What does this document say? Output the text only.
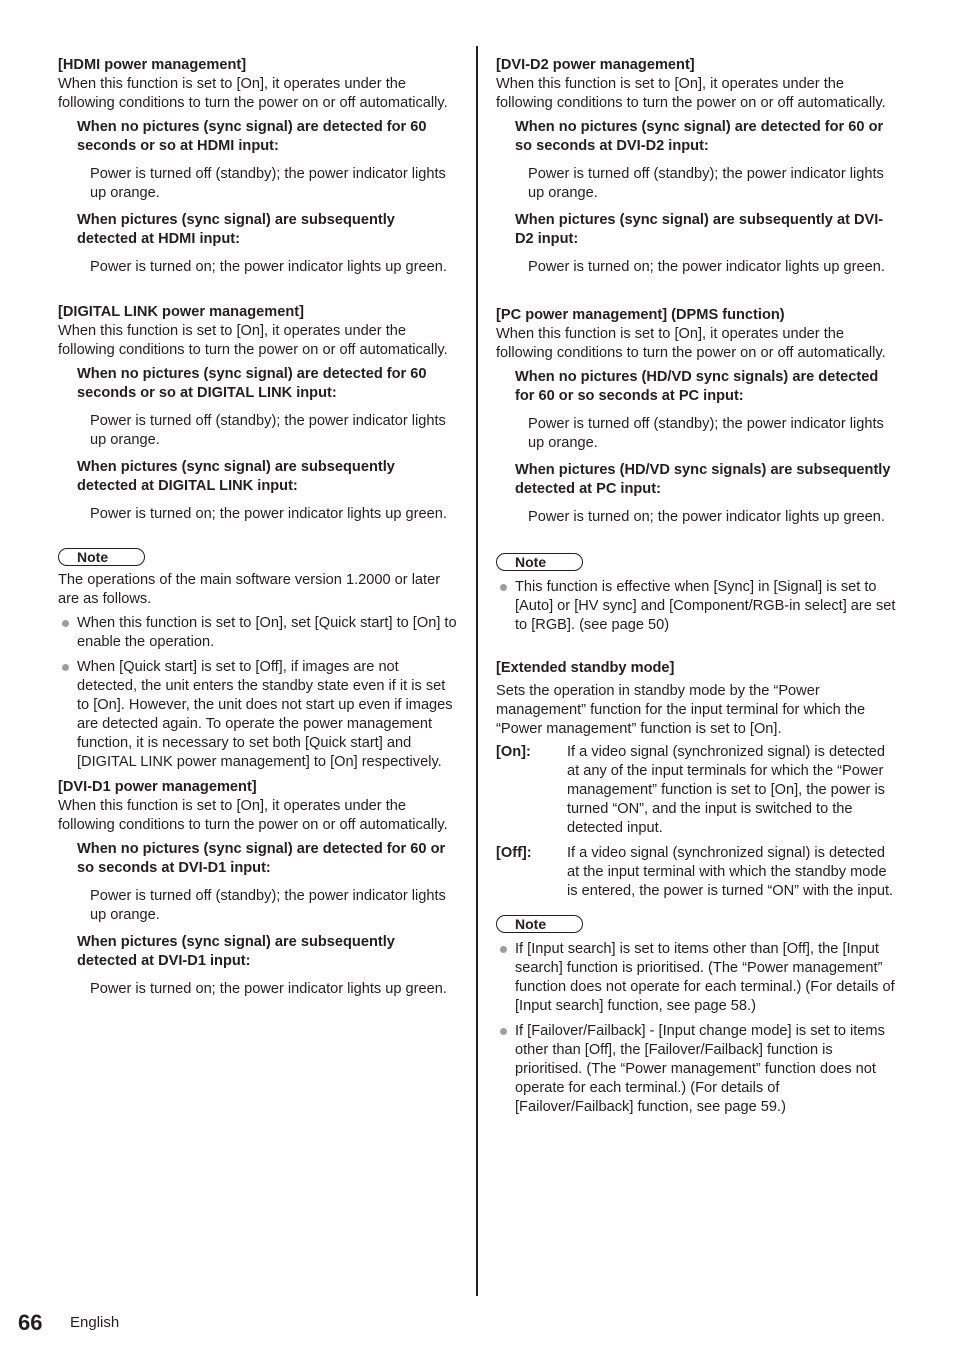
[HDMI power management]

When this function is set to [On], it operates under the following conditions to turn the power on or off automatically.

When no pictures (sync signal) are detected for 60 seconds or so at HDMI input:

Power is turned off (standby); the power indicator lights up orange.

When pictures (sync signal) are subsequently detected at HDMI input:

Power is turned on; the power indicator lights up green.

[DIGITAL LINK power management]

When this function is set to [On], it operates under the following conditions to turn the power on or off automatically.

When no pictures (sync signal) are detected for 60 seconds or so at DIGITAL LINK input:

Power is turned off (standby); the power indicator lights up orange.

When pictures (sync signal) are subsequently detected at DIGITAL LINK input:

Power is turned on; the power indicator lights up green.

Note

The operations of the main software version 1.2000 or later are as follows.

When this function is set to [On], set [Quick start] to [On] to enable the operation.
When [Quick start] is set to [Off], if images are not detected, the unit enters the standby state even if it is set to [On]. However, the unit does not start up even if images are detected again. To operate the power management function, it is necessary to set both [Quick start] and [DIGITAL LINK power management] to [On] respectively.

[DVI-D1 power management]

When this function is set to [On], it operates under the following conditions to turn the power on or off automatically.

When no pictures (sync signal) are detected for 60 or so seconds at DVI-D1 input:

Power is turned off (standby); the power indicator lights up orange.

When pictures (sync signal) are subsequently detected at DVI-D1 input:

Power is turned on; the power indicator lights up green.

[DVI-D2 power management]

When this function is set to [On], it operates under the following conditions to turn the power on or off automatically.

When no pictures (sync signal) are detected for 60 or so seconds at DVI-D2 input:

Power is turned off (standby); the power indicator lights up orange.

When pictures (sync signal) are subsequently at DVI-D2 input:

Power is turned on; the power indicator lights up green.

[PC power management] (DPMS function)

When this function is set to [On], it operates under the following conditions to turn the power on or off automatically.

When no pictures (HD/VD sync signals) are detected for 60 or so seconds at PC input:

Power is turned off (standby); the power indicator lights up orange.

When pictures (HD/VD sync signals) are subsequently detected at PC input:

Power is turned on; the power indicator lights up green.

Note
This function is effective when [Sync] in [Signal] is set to [Auto] or [HV sync] and [Component/RGB-in select] are set to [RGB]. (see page 50)

[Extended standby mode]

Sets the operation in standby mode by the “Power management” function for the input terminal for which the “Power management” function is set to [On].

[On]:	If a video signal (synchronized signal) is detected at any of the input terminals for which the “Power management” function is set to [On], the power is turned “ON”, and the input is switched to the detected input.
[Off]:	If a video signal (synchronized signal) is detected at the input terminal with which the standby mode is entered, the power is turned “ON” with the input.
Note
If [Input search] is set to items other than [Off], the [Input search] function is prioritised. (The “Power management” function does not operate for each terminal.) (For details of [Input search] function, see page 58.)
If [Failover/Failback] - [Input change mode] is set to items other than [Off], the [Failover/Failback] function is prioritised. (The “Power management” function does not operate for each terminal.) (For details of [Failover/Failback] function, see page 59.)
66 English
